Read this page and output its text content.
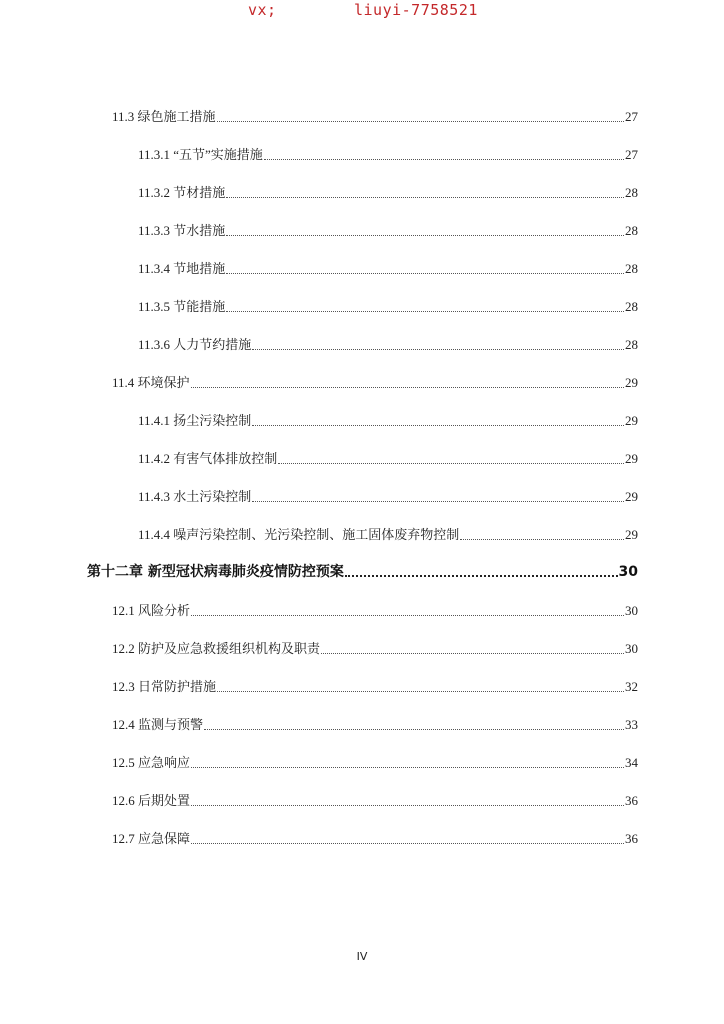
vx;	liuyi-7758521
11.3 绿色施工措施	27
11.3.1 “五节”实施措施	27
11.3.2 节材措施	28
11.3.3 节水措施	28
11.3.4 节地措施	28
11.3.5 节能措施	28
11.3.6 人力节约措施	28
11.4 环境保护	29
11.4.1 扬尘污染控制	29
11.4.2 有害气体排放控制	29
11.4.3 水土污染控制	29
11.4.4 噪声污染控制、光污染控制、施工固体废弃物控制	29
第十二章 新型冠状病毒肺炎疫情防控预案	30
12.1 风险分析	30
12.2 防护及应急救援组织机构及职责	30
12.3 日常防护措施	32
12.4 监测与预警	33
12.5 应急响应	34
12.6 后期处置	36
12.7 应急保障	36
IV
